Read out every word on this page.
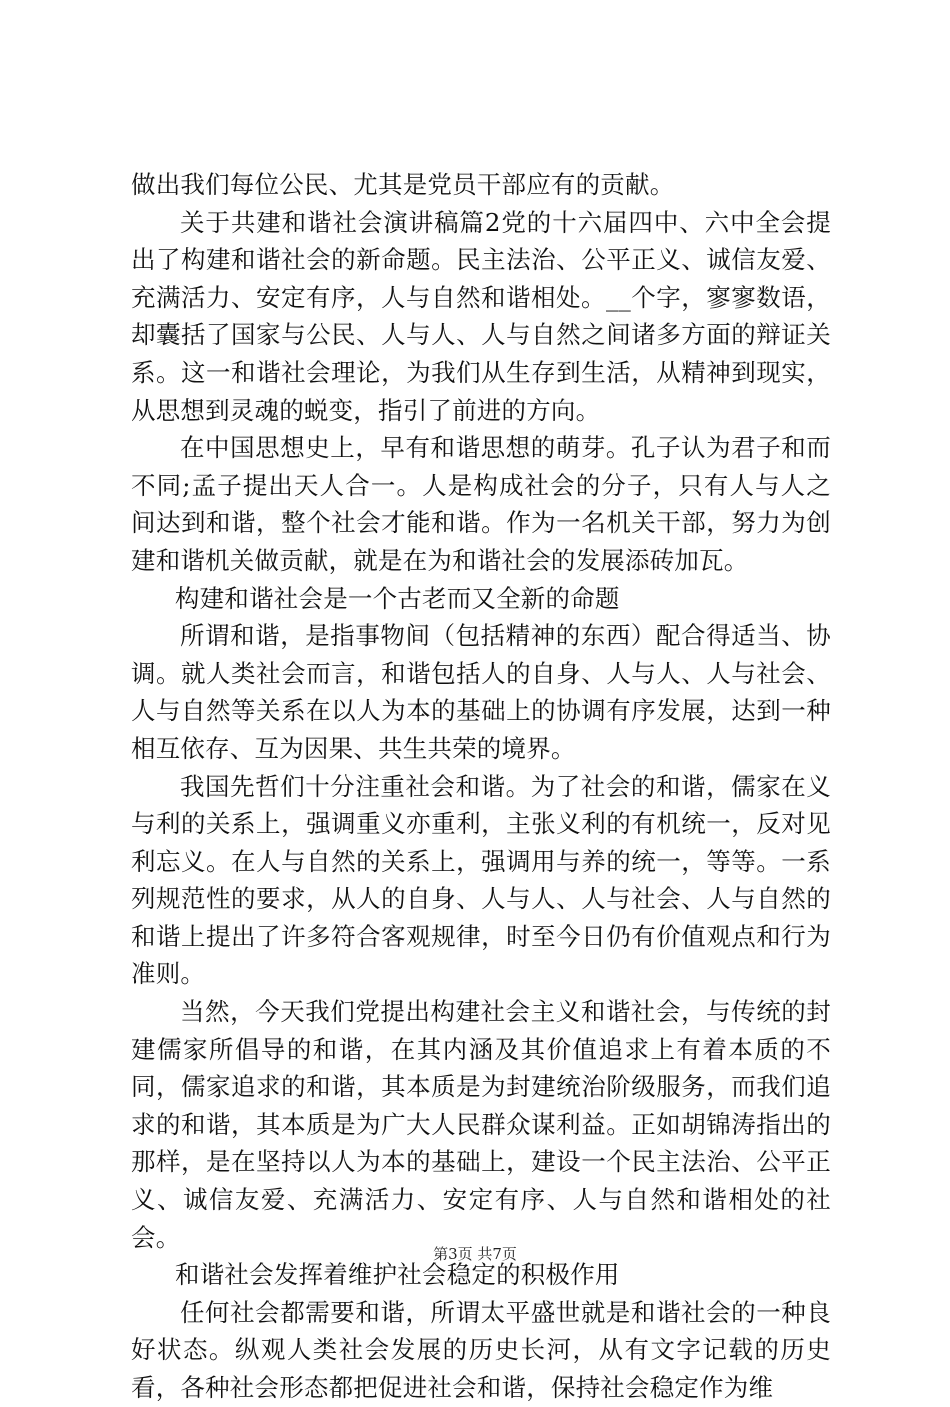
做出我们每位公民、尤其是党员干部应有的贡献。

关于共建和谐社会演讲稿篇2党的十六届四中、六中全会提出了构建和谐社会的新命题。民主法治、公平正义、诚信友爱、充满活力、安定有序，人与自然和谐相处。__个字，寥寥数语，却囊括了国家与公民、人与人、人与自然之间诸多方面的辩证关系。这一和谐社会理论，为我们从生存到生活，从精神到现实，从思想到灵魂的蜕变，指引了前进的方向。

在中国思想史上，早有和谐思想的萌芽。孔子认为君子和而不同;孟子提出天人合一。人是构成社会的分子，只有人与人之间达到和谐，整个社会才能和谐。作为一名机关干部，努力为创建和谐机关做贡献，就是在为和谐社会的发展添砖加瓦。

构建和谐社会是一个古老而又全新的命题

所谓和谐，是指事物间（包括精神的东西）配合得适当、协调。就人类社会而言，和谐包括人的自身、人与人、人与社会、人与自然等关系在以人为本的基础上的协调有序发展，达到一种相互依存、互为因果、共生共荣的境界。

我国先哲们十分注重社会和谐。为了社会的和谐，儒家在义与利的关系上，强调重义亦重利，主张义利的有机统一，反对见利忘义。在人与自然的关系上，强调用与养的统一，等等。一系列规范性的要求，从人的自身、人与人、人与社会、人与自然的和谐上提出了许多符合客观规律，时至今日仍有价值观点和行为准则。

当然，今天我们党提出构建社会主义和谐社会，与传统的封建儒家所倡导的和谐，在其内涵及其价值追求上有着本质的不同，儒家追求的和谐，其本质是为封建统治阶级服务，而我们追求的和谐，其本质是为广大人民群众谋利益。正如胡锦涛指出的那样，是在坚持以人为本的基础上，建设一个民主法治、公平正义、诚信友爱、充满活力、安定有序、人与自然和谐相处的社会。

和谐社会发挥着维护社会稳定的积极作用

任何社会都需要和谐，所谓太平盛世就是和谐社会的一种良好状态。纵观人类社会发展的历史长河，从有文字记载的历史看，各种社会形态都把促进社会和谐，保持社会稳定作为维

第3页 共7页
